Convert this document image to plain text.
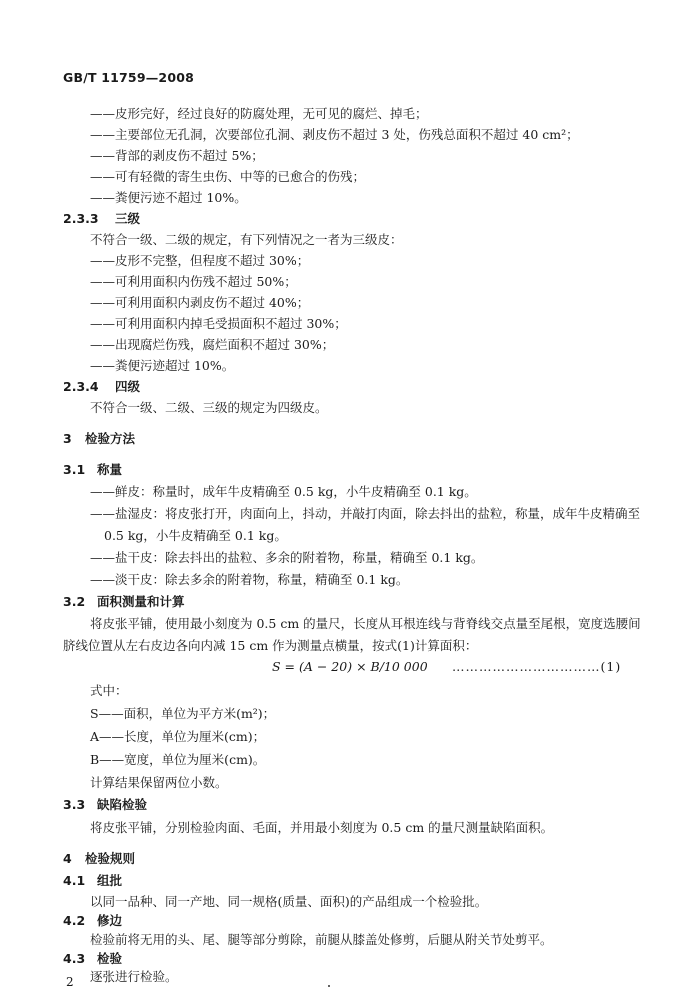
GB/T 11759—2008
——皮形完好，经过良好的防腐处理，无可见的腐烂、掉毛；
——主要部位无孔洞，次要部位孔洞、剥皮伤不超过 3 处，伤残总面积不超过 40 cm²；
——背部的剥皮伤不超过 5%；
——可有轻微的寄生虫伤、中等的已愈合的伤残；
——粪便污迹不超过 10%。
2.3.3 三级
不符合一级、二级的规定，有下列情况之一者为三级皮：
——皮形不完整，但程度不超过 30%；
——可利用面积内伤残不超过 50%；
——可利用面积内剥皮伤不超过 40%；
——可利用面积内掉毛受损面积不超过 30%；
——出现腐烂伤残，腐烂面积不超过 30%；
——粪便污迹超过 10%。
2.3.4 四级
不符合一级、二级、三级的规定为四级皮。
3 检验方法
3.1 称量
——鲜皮：称量时，成年牛皮精确至 0.5 kg，小牛皮精确至 0.1 kg。
——盐湿皮：将皮张打开，肉面向上，抖动，并敲打肉面，除去抖出的盐粒，称量，成年牛皮精确至
0.5 kg，小牛皮精确至 0.1 kg。
——盐干皮：除去抖出的盐粒、多余的附着物，称量，精确至 0.1 kg。
——淡干皮：除去多余的附着物，称量，精确至 0.1 kg。
3.2 面积测量和计算
将皮张平铺，使用最小刻度为 0.5 cm 的量尺，长度从耳根连线与背脊线交点量至尾根，宽度选腰间
脐线位置从左右皮边各向内减 15 cm 作为测量点横量，按式(1)计算面积：
S = (A − 20) × B/10 000 ……………………………(1)
式中：
S——面积，单位为平方米(m²)；
A——长度，单位为厘米(cm)；
B——宽度，单位为厘米(cm)。
计算结果保留两位小数。
3.3 缺陷检验
将皮张平铺，分别检验肉面、毛面，并用最小刻度为 0.5 cm 的量尺测量缺陷面积。
4 检验规则
4.1 组批
以同一品种、同一产地、同一规格(质量、面积)的产品组成一个检验批。
4.2 修边
检验前将无用的头、尾、腿等部分剪除，前腿从膝盖处修剪，后腿从附关节处剪平。
4.3 检验
逐张进行检验。
2
